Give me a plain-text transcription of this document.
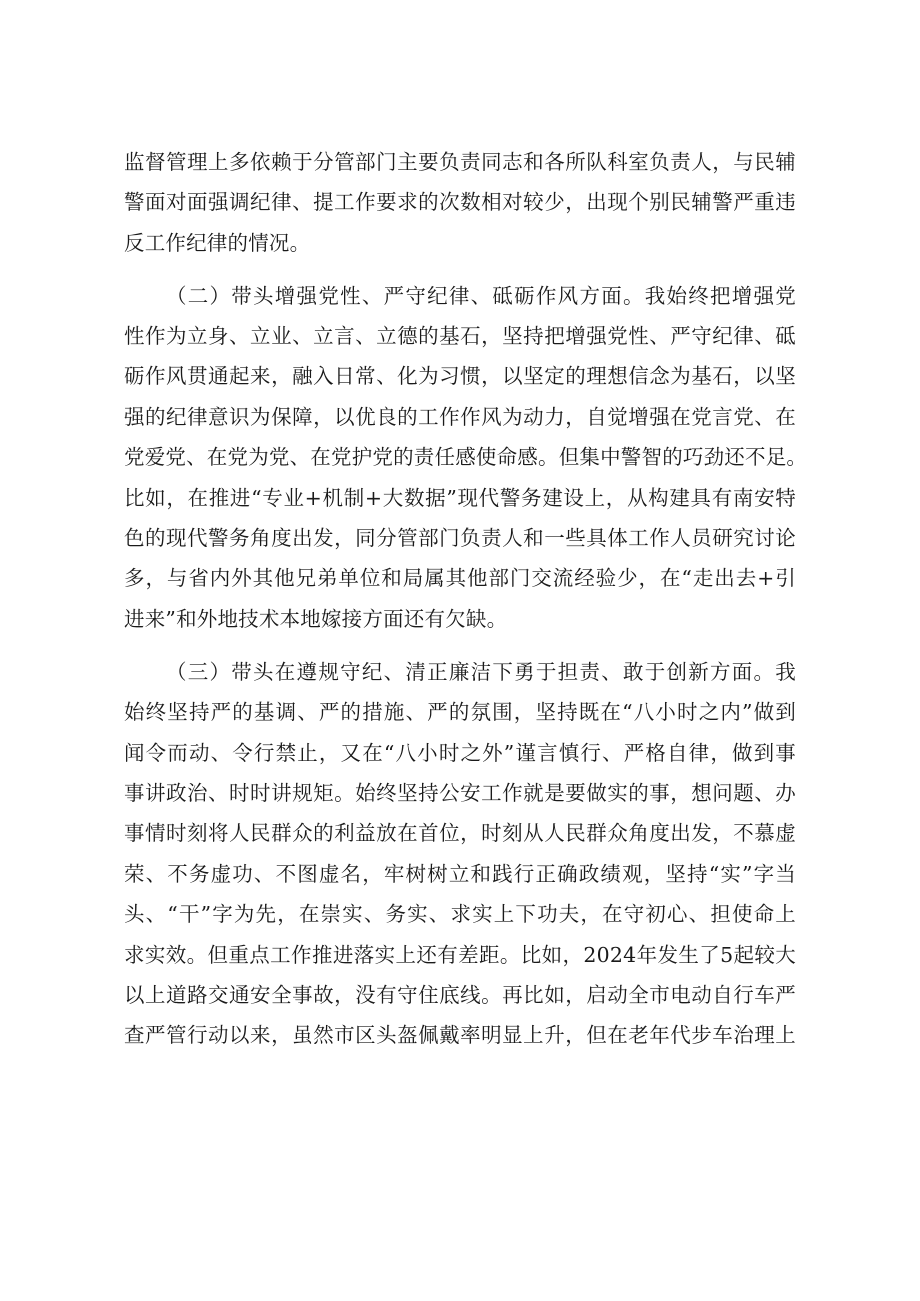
监督管理上多依赖于分管部门主要负责同志和各所队科室负责人，与民辅
警面对面强调纪律、提工作要求的次数相对较少，出现个别民辅警严重违
反工作纪律的情况。
（二）带头增强党性、严守纪律、砥砺作风方面。我始终把增强党
性作为立身、立业、立言、立德的基石，坚持把增强党性、严守纪律、砥
砺作风贯通起来，融入日常、化为习惯，以坚定的理想信念为基石，以坚
强的纪律意识为保障，以优良的工作作风为动力，自觉增强在党言党、在
党爱党、在党为党、在党护党的责任感使命感。但集中警智的巧劲还不足。
比如，在推进“专业+机制+大数据”现代警务建设上，从构建具有南安特
色的现代警务角度出发，同分管部门负责人和一些具体工作人员研究讨论
多，与省内外其他兄弟单位和局属其他部门交流经验少，在“走出去+引
进来”和外地技术本地嫁接方面还有欠缺。
（三）带头在遵规守纪、清正廉洁下勇于担责、敢于创新方面。我
始终坚持严的基调、严的措施、严的氛围，坚持既在“八小时之内”做到
闻令而动、令行禁止，又在“八小时之外”谨言慎行、严格自律，做到事
事讲政治、时时讲规矩。始终坚持公安工作就是要做实的事，想问题、办
事情时刻将人民群众的利益放在首位，时刻从人民群众角度出发，不慕虚
荣、不务虚功、不图虚名，牢树树立和践行正确政绩观，坚持“实”字当
头、“干”字为先，在崇实、务实、求实上下功夫，在守初心、担使命上
求实效。但重点工作推进落实上还有差距。比如，2024年发生了5起较大
以上道路交通安全事故，没有守住底线。再比如，启动全市电动自行车严
查严管行动以来，虽然市区头盔佩戴率明显上升，但在老年代步车治理上
